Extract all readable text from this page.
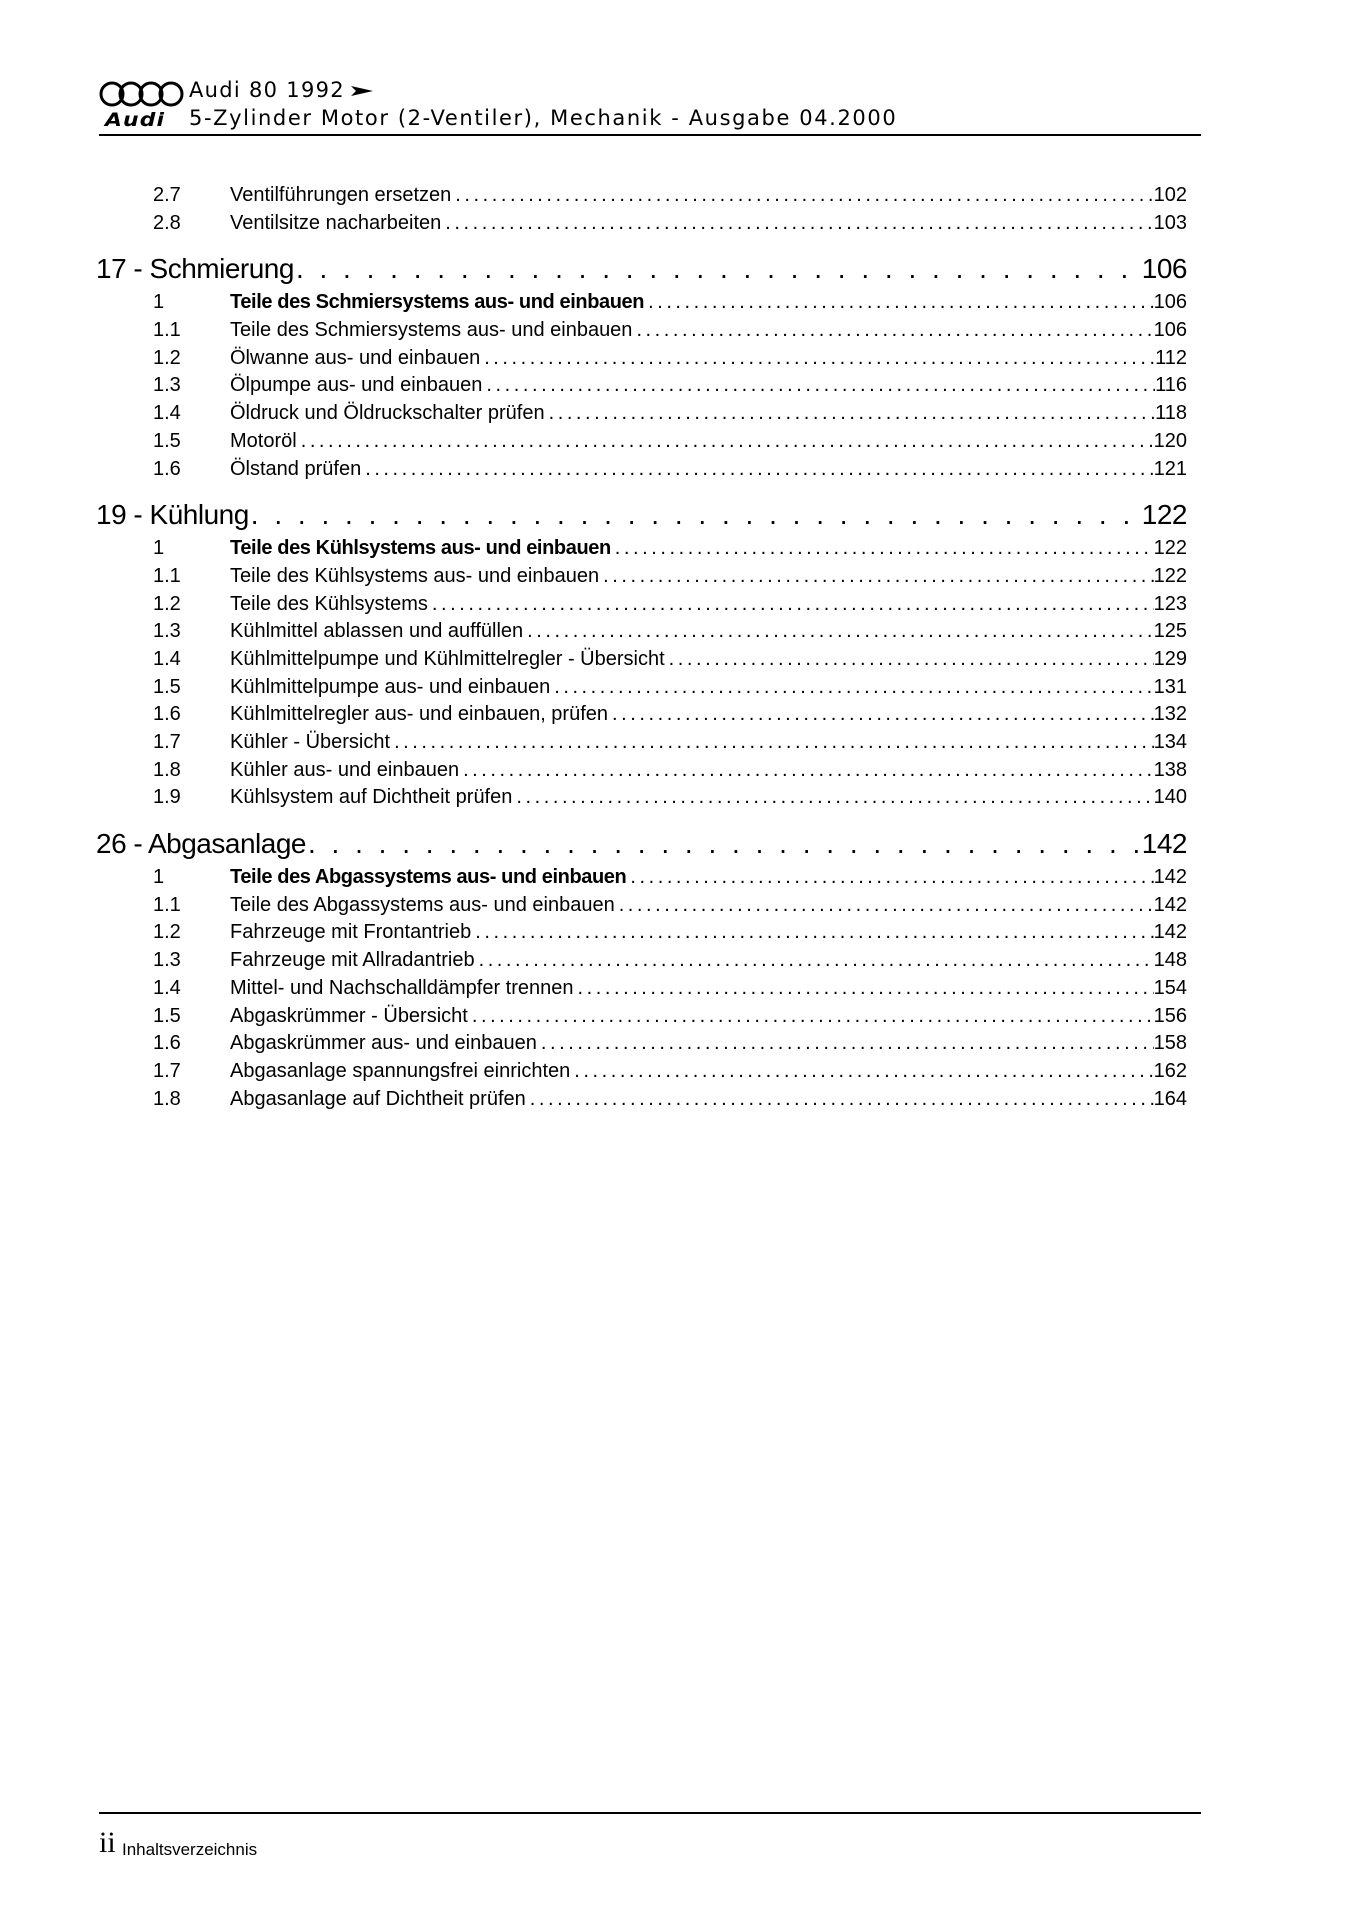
Audi
Audi 80 1992
5-Zylinder Motor (2-Ventiler), Mechanik - Ausgabe 04.2000
2.7	Ventilführungen ersetzen . . .	102
2.8	Ventilsitze nacharbeiten . . .	103
17 - Schmierung . . .	106
1	Teile des Schmiersystems aus- und einbauen . . .	106
1.1	Teile des Schmiersystems aus- und einbauen . . .	106
1.2	Ölwanne aus- und einbauen . . .	112
1.3	Ölpumpe aus- und einbauen . . .	116
1.4	Öldruck und Öldruckschalter prüfen . . .	118
1.5	Motoröl . . .	120
1.6	Ölstand prüfen . . .	121
19 - Kühlung . . .	122
1	Teile des Kühlsystems aus- und einbauen . . .	122
1.1	Teile des Kühlsystems aus- und einbauen . . .	122
1.2	Teile des Kühlsystems . . .	123
1.3	Kühlmittel ablassen und auffüllen . . .	125
1.4	Kühlmittelpumpe und Kühlmittelregler - Übersicht . . .	129
1.5	Kühlmittelpumpe aus- und einbauen . . .	131
1.6	Kühlmittelregler aus- und einbauen, prüfen . . .	132
1.7	Kühler - Übersicht . . .	134
1.8	Kühler aus- und einbauen . . .	138
1.9	Kühlsystem auf Dichtheit prüfen . . .	140
26 - Abgasanlage . . .	142
1	Teile des Abgassystems aus- und einbauen . . .	142
1.1	Teile des Abgassystems aus- und einbauen . . .	142
1.2	Fahrzeuge mit Frontantrieb . . .	142
1.3	Fahrzeuge mit Allradantrieb . . .	148
1.4	Mittel- und Nachschalldämpfer trennen . . .	154
1.5	Abgaskrümmer - Übersicht . . .	156
1.6	Abgaskrümmer aus- und einbauen . . .	158
1.7	Abgasanlage spannungsfrei einrichten . . .	162
1.8	Abgasanlage auf Dichtheit prüfen . . .	164
ii Inhaltsverzeichnis
